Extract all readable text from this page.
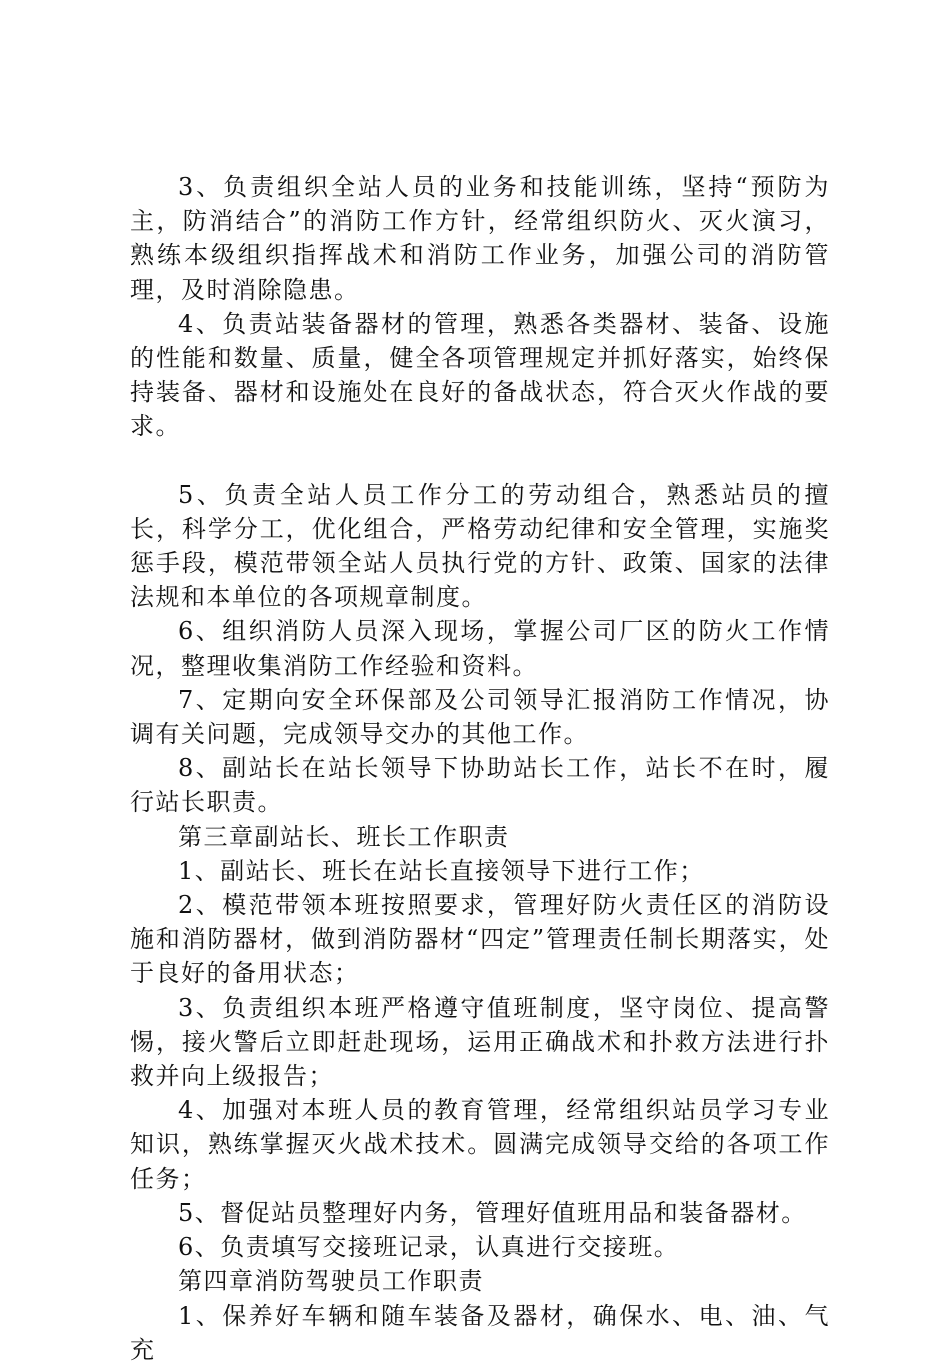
3、负责组织全站人员的业务和技能训练，坚持“预防为主，防消结合”的消防工作方针，经常组织防火、灭火演习，熟练本级组织指挥战术和消防工作业务，加强公司的消防管理，及时消除隐患。

4、负责站装备器材的管理，熟悉各类器材、装备、设施的性能和数量、质量，健全各项管理规定并抓好落实，始终保持装备、器材和设施处在良好的备战状态，符合灭火作战的要求。

5、负责全站人员工作分工的劳动组合，熟悉站员的擅长，科学分工，优化组合，严格劳动纪律和安全管理，实施奖惩手段，模范带领全站人员执行党的方针、政策、国家的法律法规和本单位的各项规章制度。

6、组织消防人员深入现场，掌握公司厂区的防火工作情况，整理收集消防工作经验和资料。

7、定期向安全环保部及公司领导汇报消防工作情况，协调有关问题，完成领导交办的其他工作。

8、副站长在站长领导下协助站长工作，站长不在时，履行站长职责。

第三章副站长、班长工作职责

1、副站长、班长在站长直接领导下进行工作；

2、模范带领本班按照要求，管理好防火责任区的消防设施和消防器材，做到消防器材“四定”管理责任制长期落实，处于良好的备用状态；

3、负责组织本班严格遵守值班制度，坚守岗位、提高警惕，接火警后立即赶赴现场，运用正确战术和扑救方法进行扑救并向上级报告；

4、加强对本班人员的教育管理，经常组织站员学习专业知识，熟练掌握灭火战术技术。圆满完成领导交给的各项工作任务；

5、督促站员整理好内务，管理好值班用品和装备器材。

6、负责填写交接班记录，认真进行交接班。

第四章消防驾驶员工作职责

1、保养好车辆和随车装备及器材，确保水、电、油、气充
